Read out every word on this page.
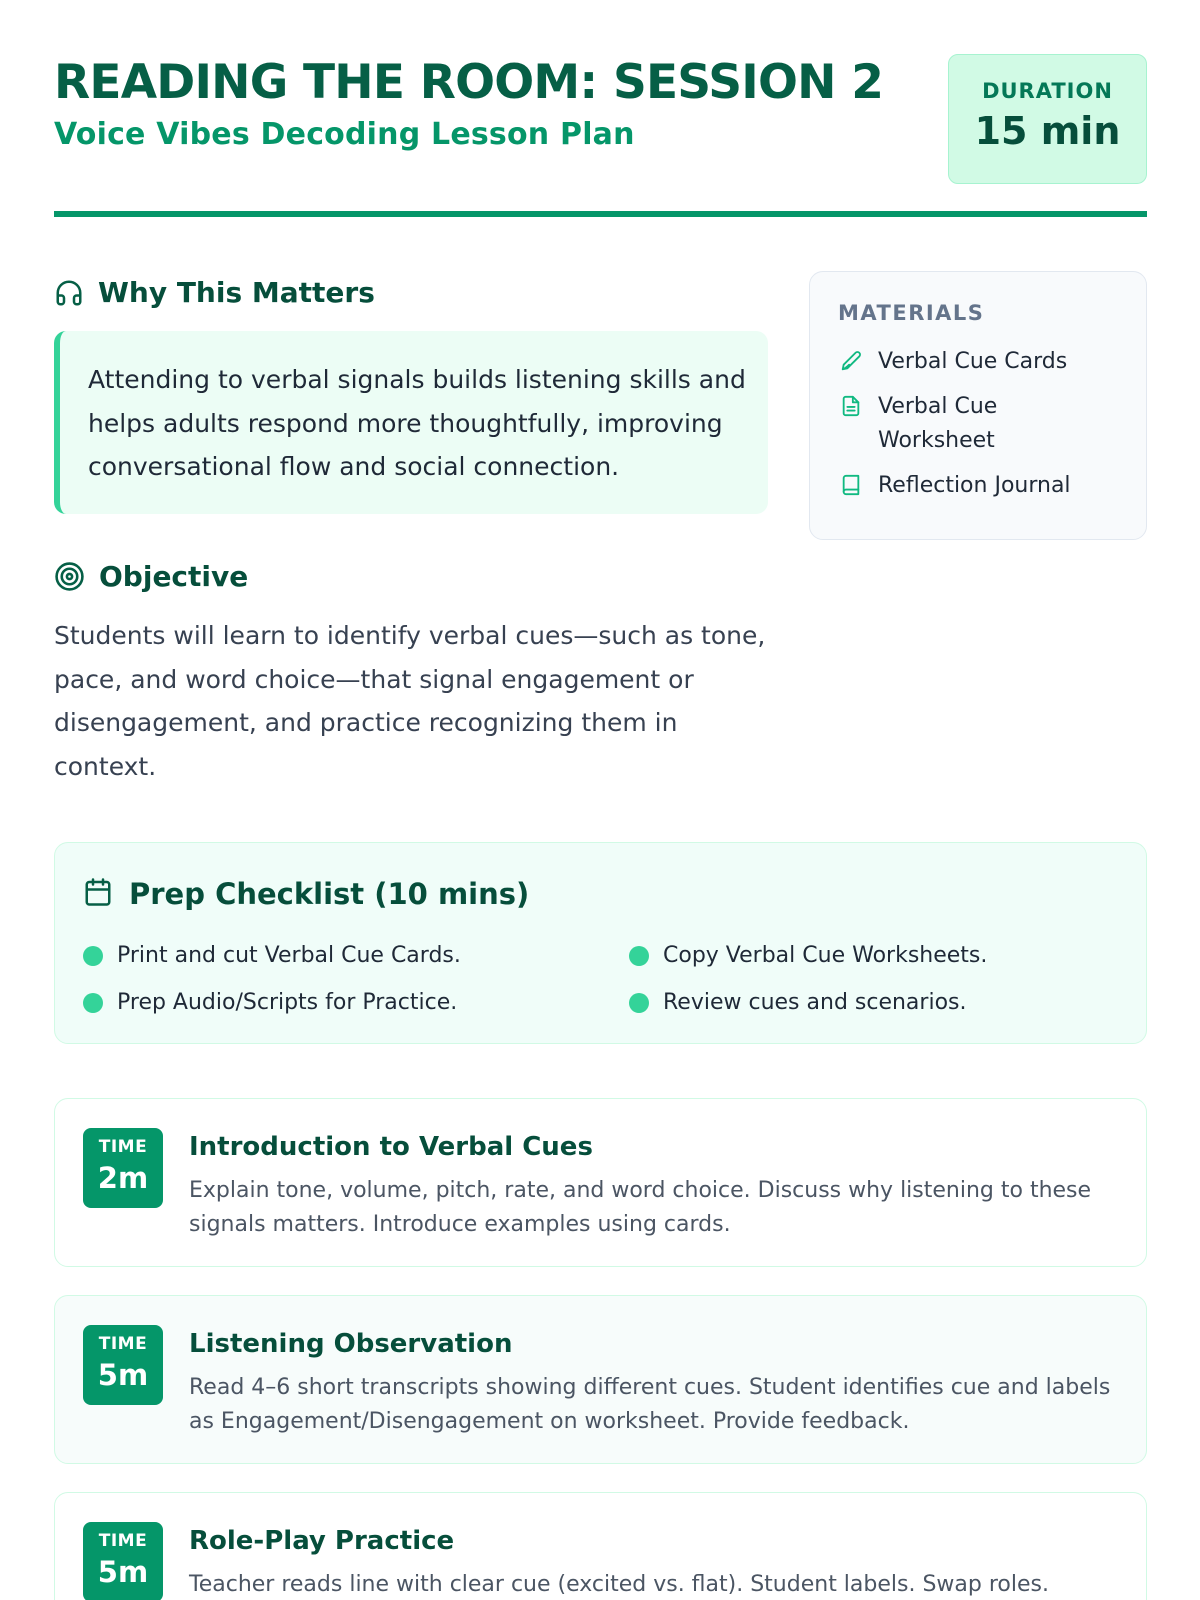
READING THE ROOM: SESSION 2
Voice Vibes Decoding Lesson Plan
DURATION
15 min
Why This Matters
Attending to verbal signals builds listening skills and helps adults respond more thoughtfully, improving conversational flow and social connection.
Objective

Students will learn to identify verbal cues—such as tone, pace, and word choice—that signal engagement or disengagement, and practice recognizing them in context.

MATERIALS
Verbal Cue Cards
Verbal Cue Worksheet
Reflection Journal
Prep Checklist (10 mins)
Print and cut Verbal Cue Cards.	Copy Verbal Cue Worksheets.
Prep Audio/Scripts for Practice.	Review cues and scenarios.
TIME
2m
Introduction to Verbal Cues

Explain tone, volume, pitch, rate, and word choice. Discuss why listening to these signals matters. Introduce examples using cards.

TIME
5m
Listening Observation

Read 4–6 short transcripts showing different cues. Student identifies cue and labels as Engagement/Disengagement on worksheet. Provide feedback.

TIME
5m
Role-Play Practice

Teacher reads line with clear cue (excited vs. flat). Student labels. Swap roles.
